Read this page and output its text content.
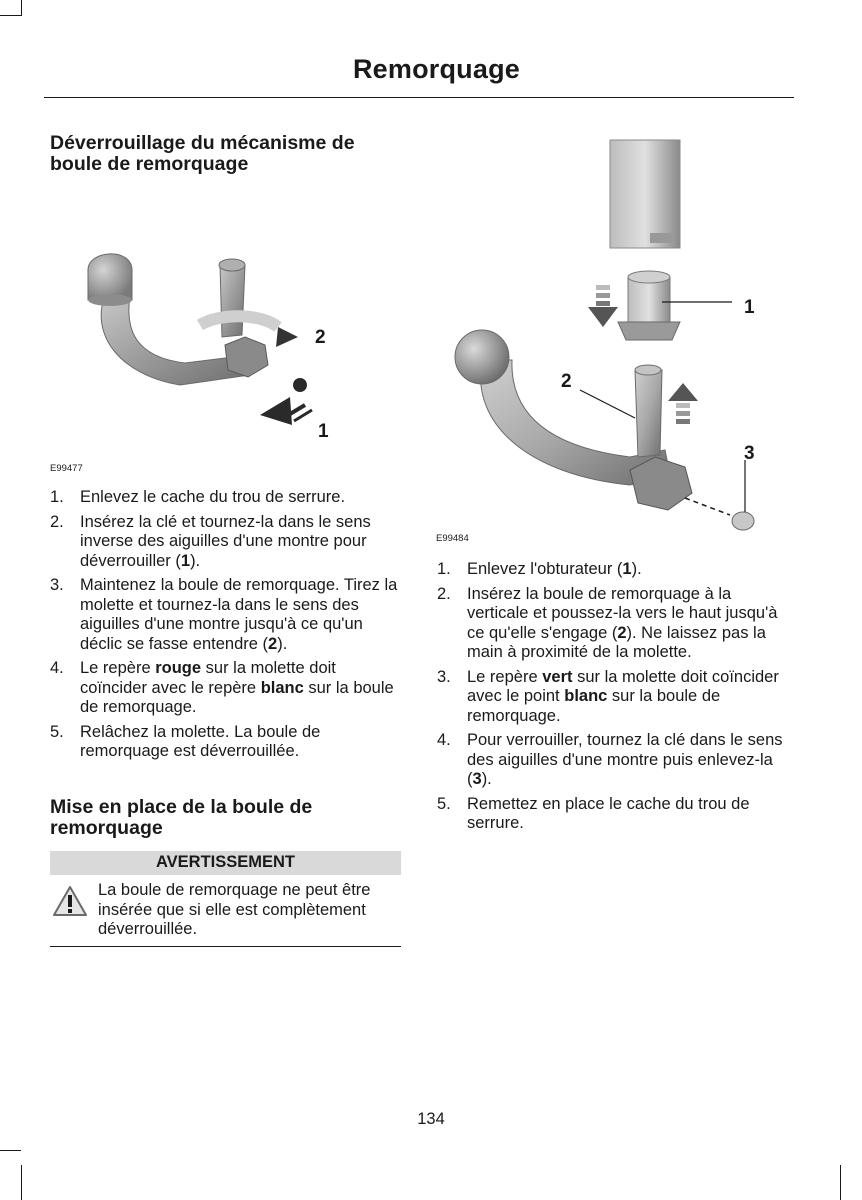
Remorquage
Déverrouillage du mécanisme de boule de remorquage
2
1
E99477
1. Enlevez le cache du trou de serrure.
2. Insérez la clé et tournez-la dans le sens inverse des aiguilles d'une montre pour déverrouiller (1).
3. Maintenez la boule de remorquage. Tirez la molette et tournez-la dans le sens des aiguilles d'une montre jusqu'à ce qu'un déclic se fasse entendre (2).
4. Le repère rouge sur la molette doit coïncider avec le repère blanc sur la boule de remorquage.
5. Relâchez la molette. La boule de remorquage est déverrouillée.
Mise en place de la boule de remorquage
AVERTISSEMENT
La boule de remorquage ne peut être insérée que si elle est complètement déverrouillée.
1
2
3
E99484
1. Enlevez l'obturateur (1).
2. Insérez la boule de remorquage à la verticale et poussez-la vers le haut jusqu'à ce qu'elle s'engage (2). Ne laissez pas la main à proximité de la molette.
3. Le repère vert sur la molette doit coïncider avec le point blanc sur la boule de remorquage.
4. Pour verrouiller, tournez la clé dans le sens des aiguilles d'une montre puis enlevez-la (3).
5. Remettez en place le cache du trou de serrure.
134
